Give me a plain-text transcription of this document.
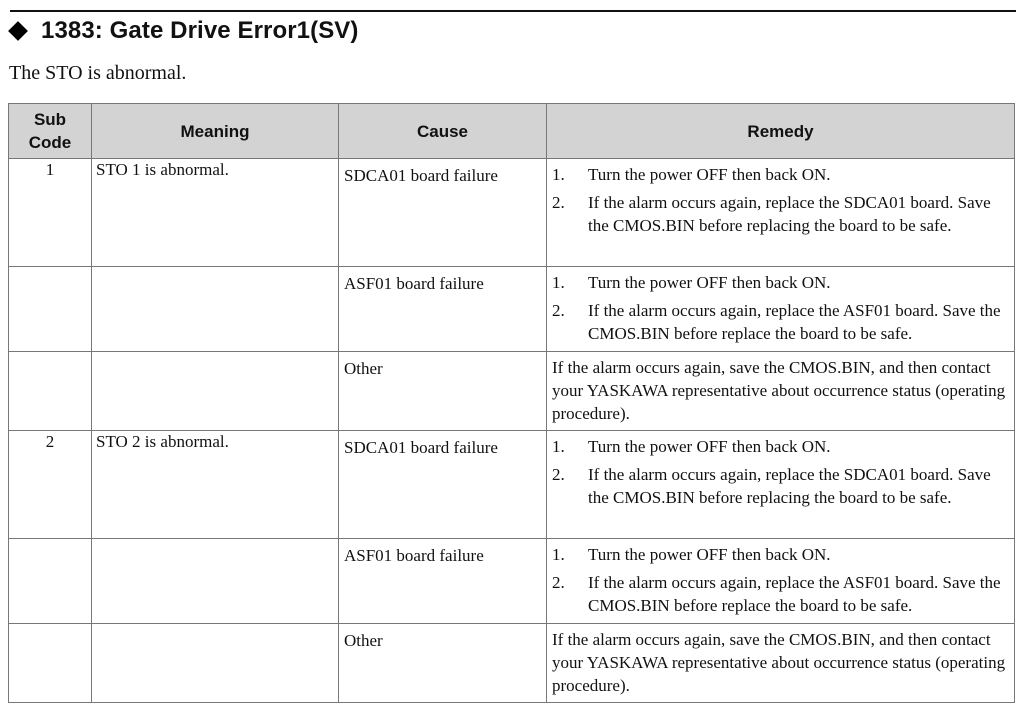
1383: Gate Drive Error1(SV)
The STO is abnormal.
Sub
Code	Meaning	Cause	Remedy
1	STO 1 is abnormal.	SDCA01 board failure	1. Turn the power OFF then back ON.
2. If the alarm occurs again, replace the SDCA01 board. Save the CMOS.BIN before replacing the board to be safe.

		ASF01 board failure	1. Turn the power OFF then back ON.
2. If the alarm occurs again, replace the ASF01 board. Save the CMOS.BIN before replace the board to be safe.

		Other	If the alarm occurs again, save the CMOS.BIN, and then contact your YASKAWA representative about occurrence status (operating procedure).

2	STO 2 is abnormal.	SDCA01 board failure	1. Turn the power OFF then back ON.
2. If the alarm occurs again, replace the SDCA01 board. Save the CMOS.BIN before replacing the board to be safe.

		ASF01 board failure	1. Turn the power OFF then back ON.
2. If the alarm occurs again, replace the ASF01 board. Save the CMOS.BIN before replace the board to be safe.

		Other	If the alarm occurs again, save the CMOS.BIN, and then contact your YASKAWA representative about occurrence status (operating procedure).
